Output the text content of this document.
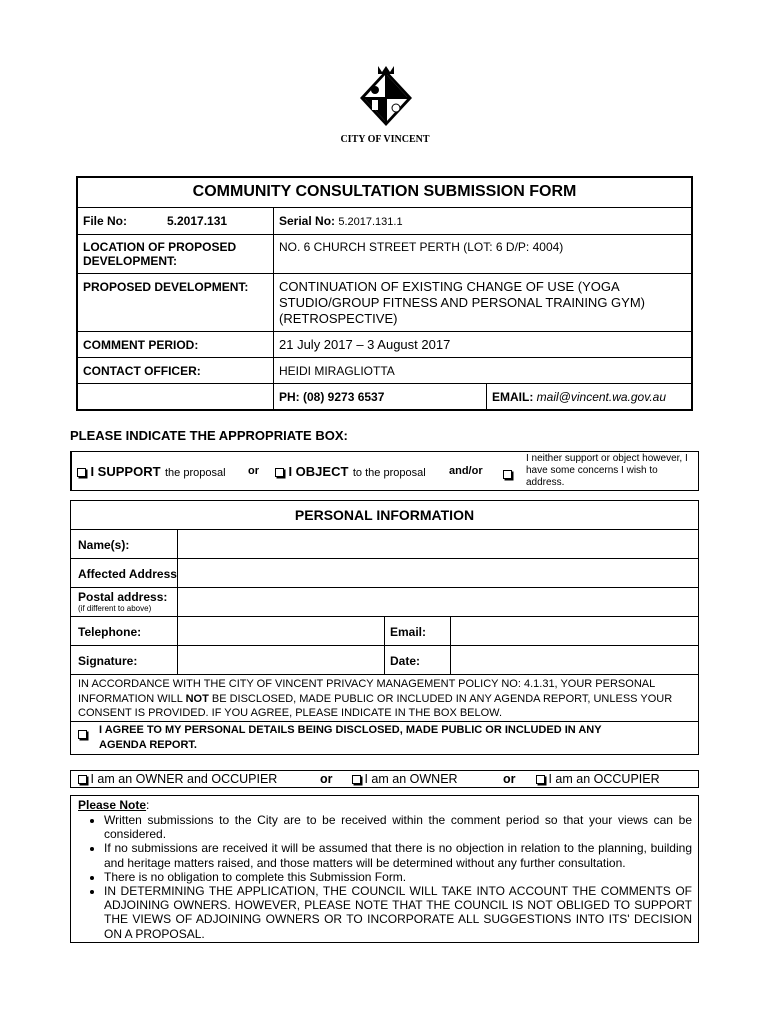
CITY OF VINCENT
COMMUNITY CONSULTATION SUBMISSION FORM
File No:	5.2017.131	Serial No: 5.2017.131.1
LOCATION OF PROPOSED DEVELOPMENT:
NO. 6 CHURCH STREET PERTH (LOT: 6 D/P: 4004)
PROPOSED DEVELOPMENT: CONTINUATION OF EXISTING CHANGE OF USE (YOGA STUDIO/GROUP FITNESS AND PERSONAL TRAINING GYM) (RETROSPECTIVE)
COMMENT PERIOD:	21 July 2017 – 3 August 2017
CONTACT OFFICER:	HEIDI MIRAGLIOTTA
PH: (08) 9273 6537	EMAIL: mail@vincent.wa.gov.au
PLEASE INDICATE THE APPROPRIATE BOX:
I SUPPORT the proposal or	I OBJECT to the proposal and/or
I neither support or object however, I have some concerns I wish to address.
PERSONAL INFORMATION
Name(s):
Affected Address
Postal address:
(if different to above)
Telephone:	Email:
Signature:	Date:
IN ACCORDANCE WITH THE CITY OF VINCENT PRIVACY MANAGEMENT POLICY NO: 4.1.31, YOUR PERSONAL INFORMATION WILL NOT BE DISCLOSED, MADE PUBLIC OR INCLUDED IN ANY AGENDA REPORT, UNLESS YOUR CONSENT IS PROVIDED. IF YOU AGREE, PLEASE INDICATE IN THE BOX BELOW.
I AGREE TO MY PERSONAL DETAILS BEING DISCLOSED, MADE PUBLIC OR INCLUDED IN ANY
AGENDA REPORT.
I am an OWNER and OCCUPIER	or	I am an OWNER	or	I am an OCCUPIER
Please Note:
• Written submissions to the City are to be received within the comment period so that your views can be considered.
• If no submissions are received it will be assumed that there is no objection in relation to the planning, building and heritage matters raised, and those matters will be determined without any further consultation.
• There is no obligation to complete this Submission Form.
• IN DETERMINING THE APPLICATION, THE COUNCIL WILL TAKE INTO ACCOUNT THE COMMENTS OF ADJOINING OWNERS. HOWEVER, PLEASE NOTE THAT THE COUNCIL IS NOT OBLIGED TO SUPPORT THE VIEWS OF ADJOINING OWNERS OR TO INCORPORATE ALL SUGGESTIONS INTO ITS' DECISION ON A PROPOSAL.
